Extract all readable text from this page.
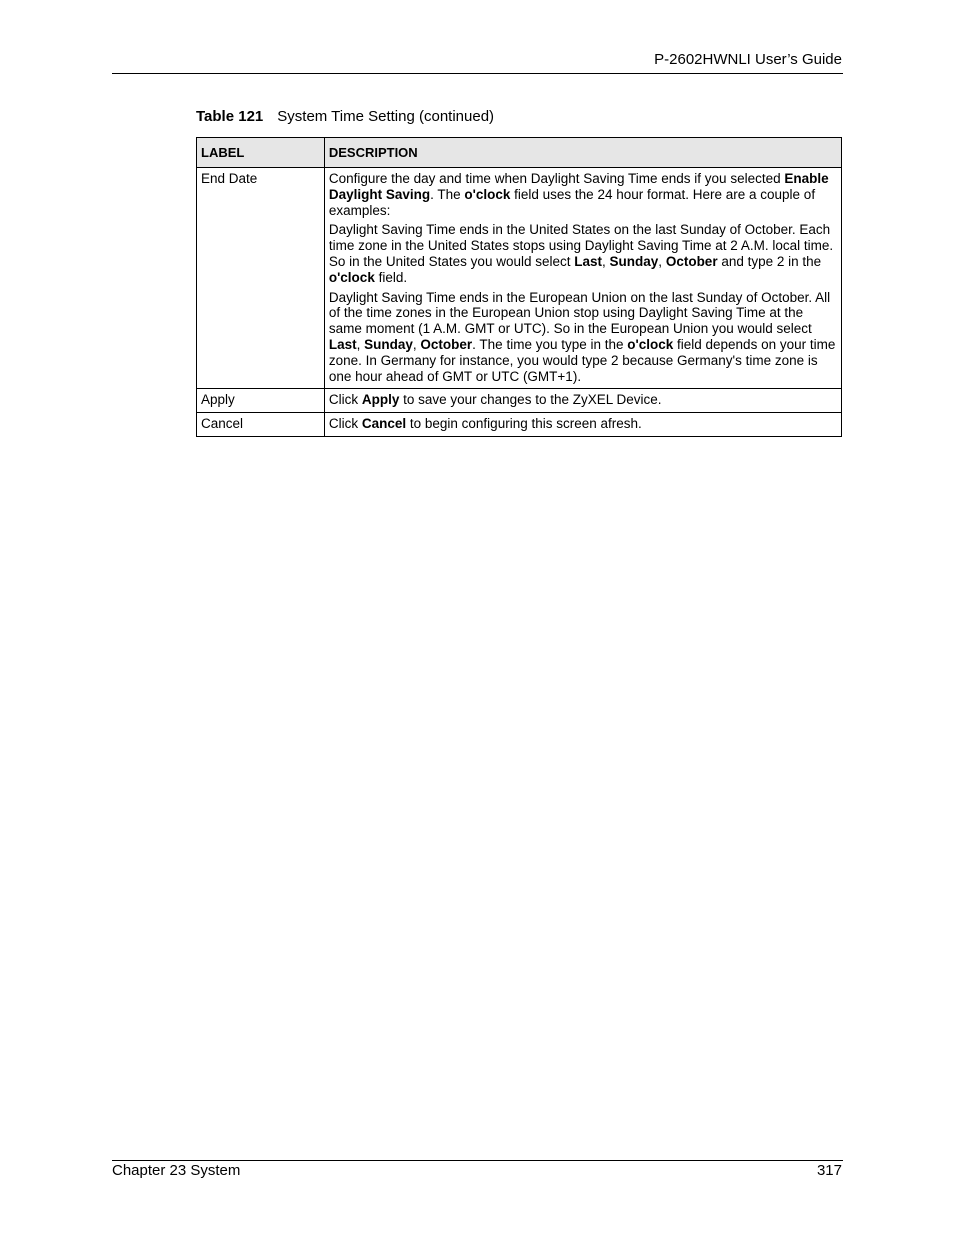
P-2602HWNLI User’s Guide
Table 121 System Time Setting (continued)
LABEL	DESCRIPTION
End Date	Configure the day and time when Daylight Saving Time ends if you selected Enable Daylight Saving. The o'clock field uses the 24 hour format. Here are a couple of examples:

Daylight Saving Time ends in the United States on the last Sunday of October. Each time zone in the United States stops using Daylight Saving Time at 2 A.M. local time. So in the United States you would select Last, Sunday, October and type 2 in the o'clock field.

Daylight Saving Time ends in the European Union on the last Sunday of October. All of the time zones in the European Union stop using Daylight Saving Time at the same moment (1 A.M. GMT or UTC). So in the European Union you would select Last, Sunday, October. The time you type in the o'clock field depends on your time zone. In Germany for instance, you would type 2 because Germany's time zone is one hour ahead of GMT or UTC (GMT+1).

Apply	Click Apply to save your changes to the ZyXEL Device.

Cancel	Click Cancel to begin configuring this screen afresh.

Chapter 23 System	317
